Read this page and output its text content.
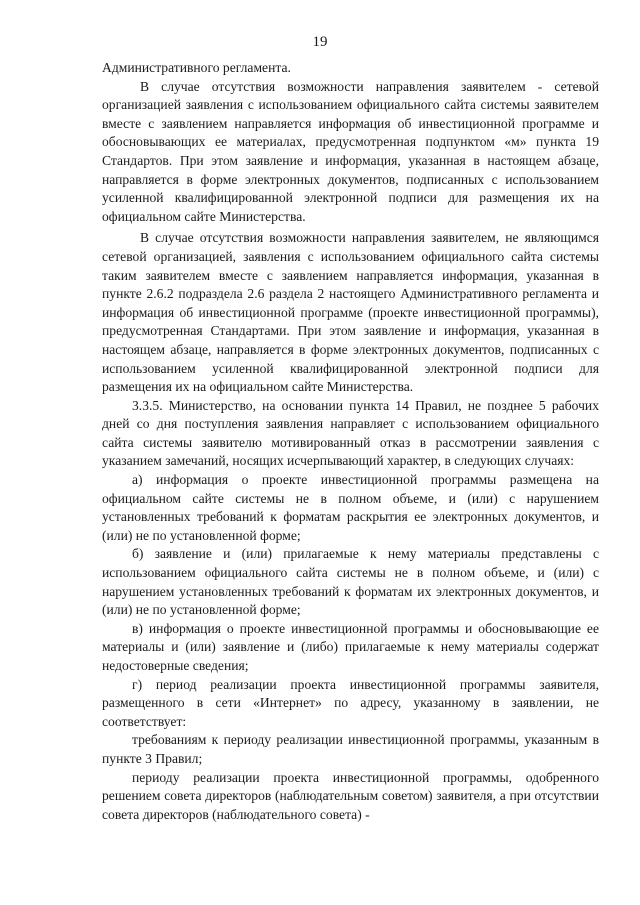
19

Административного регламента.

В случае отсутствия возможности направления заявителем - сетевой организацией заявления с использованием официального сайта системы заявителем вместе с заявлением направляется информация об инвестиционной программе и обосновывающих ее материалах, предусмотренная подпунктом «м» пункта 19 Стандартов. При этом заявление и информация, указанная в настоящем абзаце, направляется в форме электронных документов, подписанных с использованием усиленной квалифицированной электронной подписи для размещения их на официальном сайте Министерства.

В случае отсутствия возможности направления заявителем, не являющимся сетевой организацией, заявления с использованием официального сайта системы таким заявителем вместе с заявлением направляется информация, указанная в пункте 2.6.2 подраздела 2.6 раздела 2 настоящего Административного регламента и информация об инвестиционной программе (проекте инвестиционной программы), предусмотренная Стандартами. При этом заявление и информация, указанная в настоящем абзаце, направляется в форме электронных документов, подписанных с использованием усиленной квалифицированной электронной подписи для размещения их на официальном сайте Министерства.

3.3.5. Министерство, на основании пункта 14 Правил, не позднее 5 рабочих дней со дня поступления заявления направляет с использованием официального сайта системы заявителю мотивированный отказ в рассмотрении заявления с указанием замечаний, носящих исчерпывающий характер, в следующих случаях:

а) информация о проекте инвестиционной программы размещена на официальном сайте системы не в полном объеме, и (или) с нарушением установленных требований к форматам раскрытия ее электронных документов, и (или) не по установленной форме;

б) заявление и (или) прилагаемые к нему материалы представлены с использованием официального сайта системы не в полном объеме, и (или) с нарушением установленных требований к форматам их электронных документов, и (или) не по установленной форме;

в) информация о проекте инвестиционной программы и обосновывающие ее материалы и (или) заявление и (либо) прилагаемые к нему материалы содержат недостоверные сведения;

г) период реализации проекта инвестиционной программы заявителя, размещенного в сети «Интернет» по адресу, указанному в заявлении, не соответствует:

требованиям к периоду реализации инвестиционной программы, указанным в пункте 3 Правил;

периоду реализации проекта инвестиционной программы, одобренного решением совета директоров (наблюдательным советом) заявителя, а при отсутствии совета директоров (наблюдательного совета) -
